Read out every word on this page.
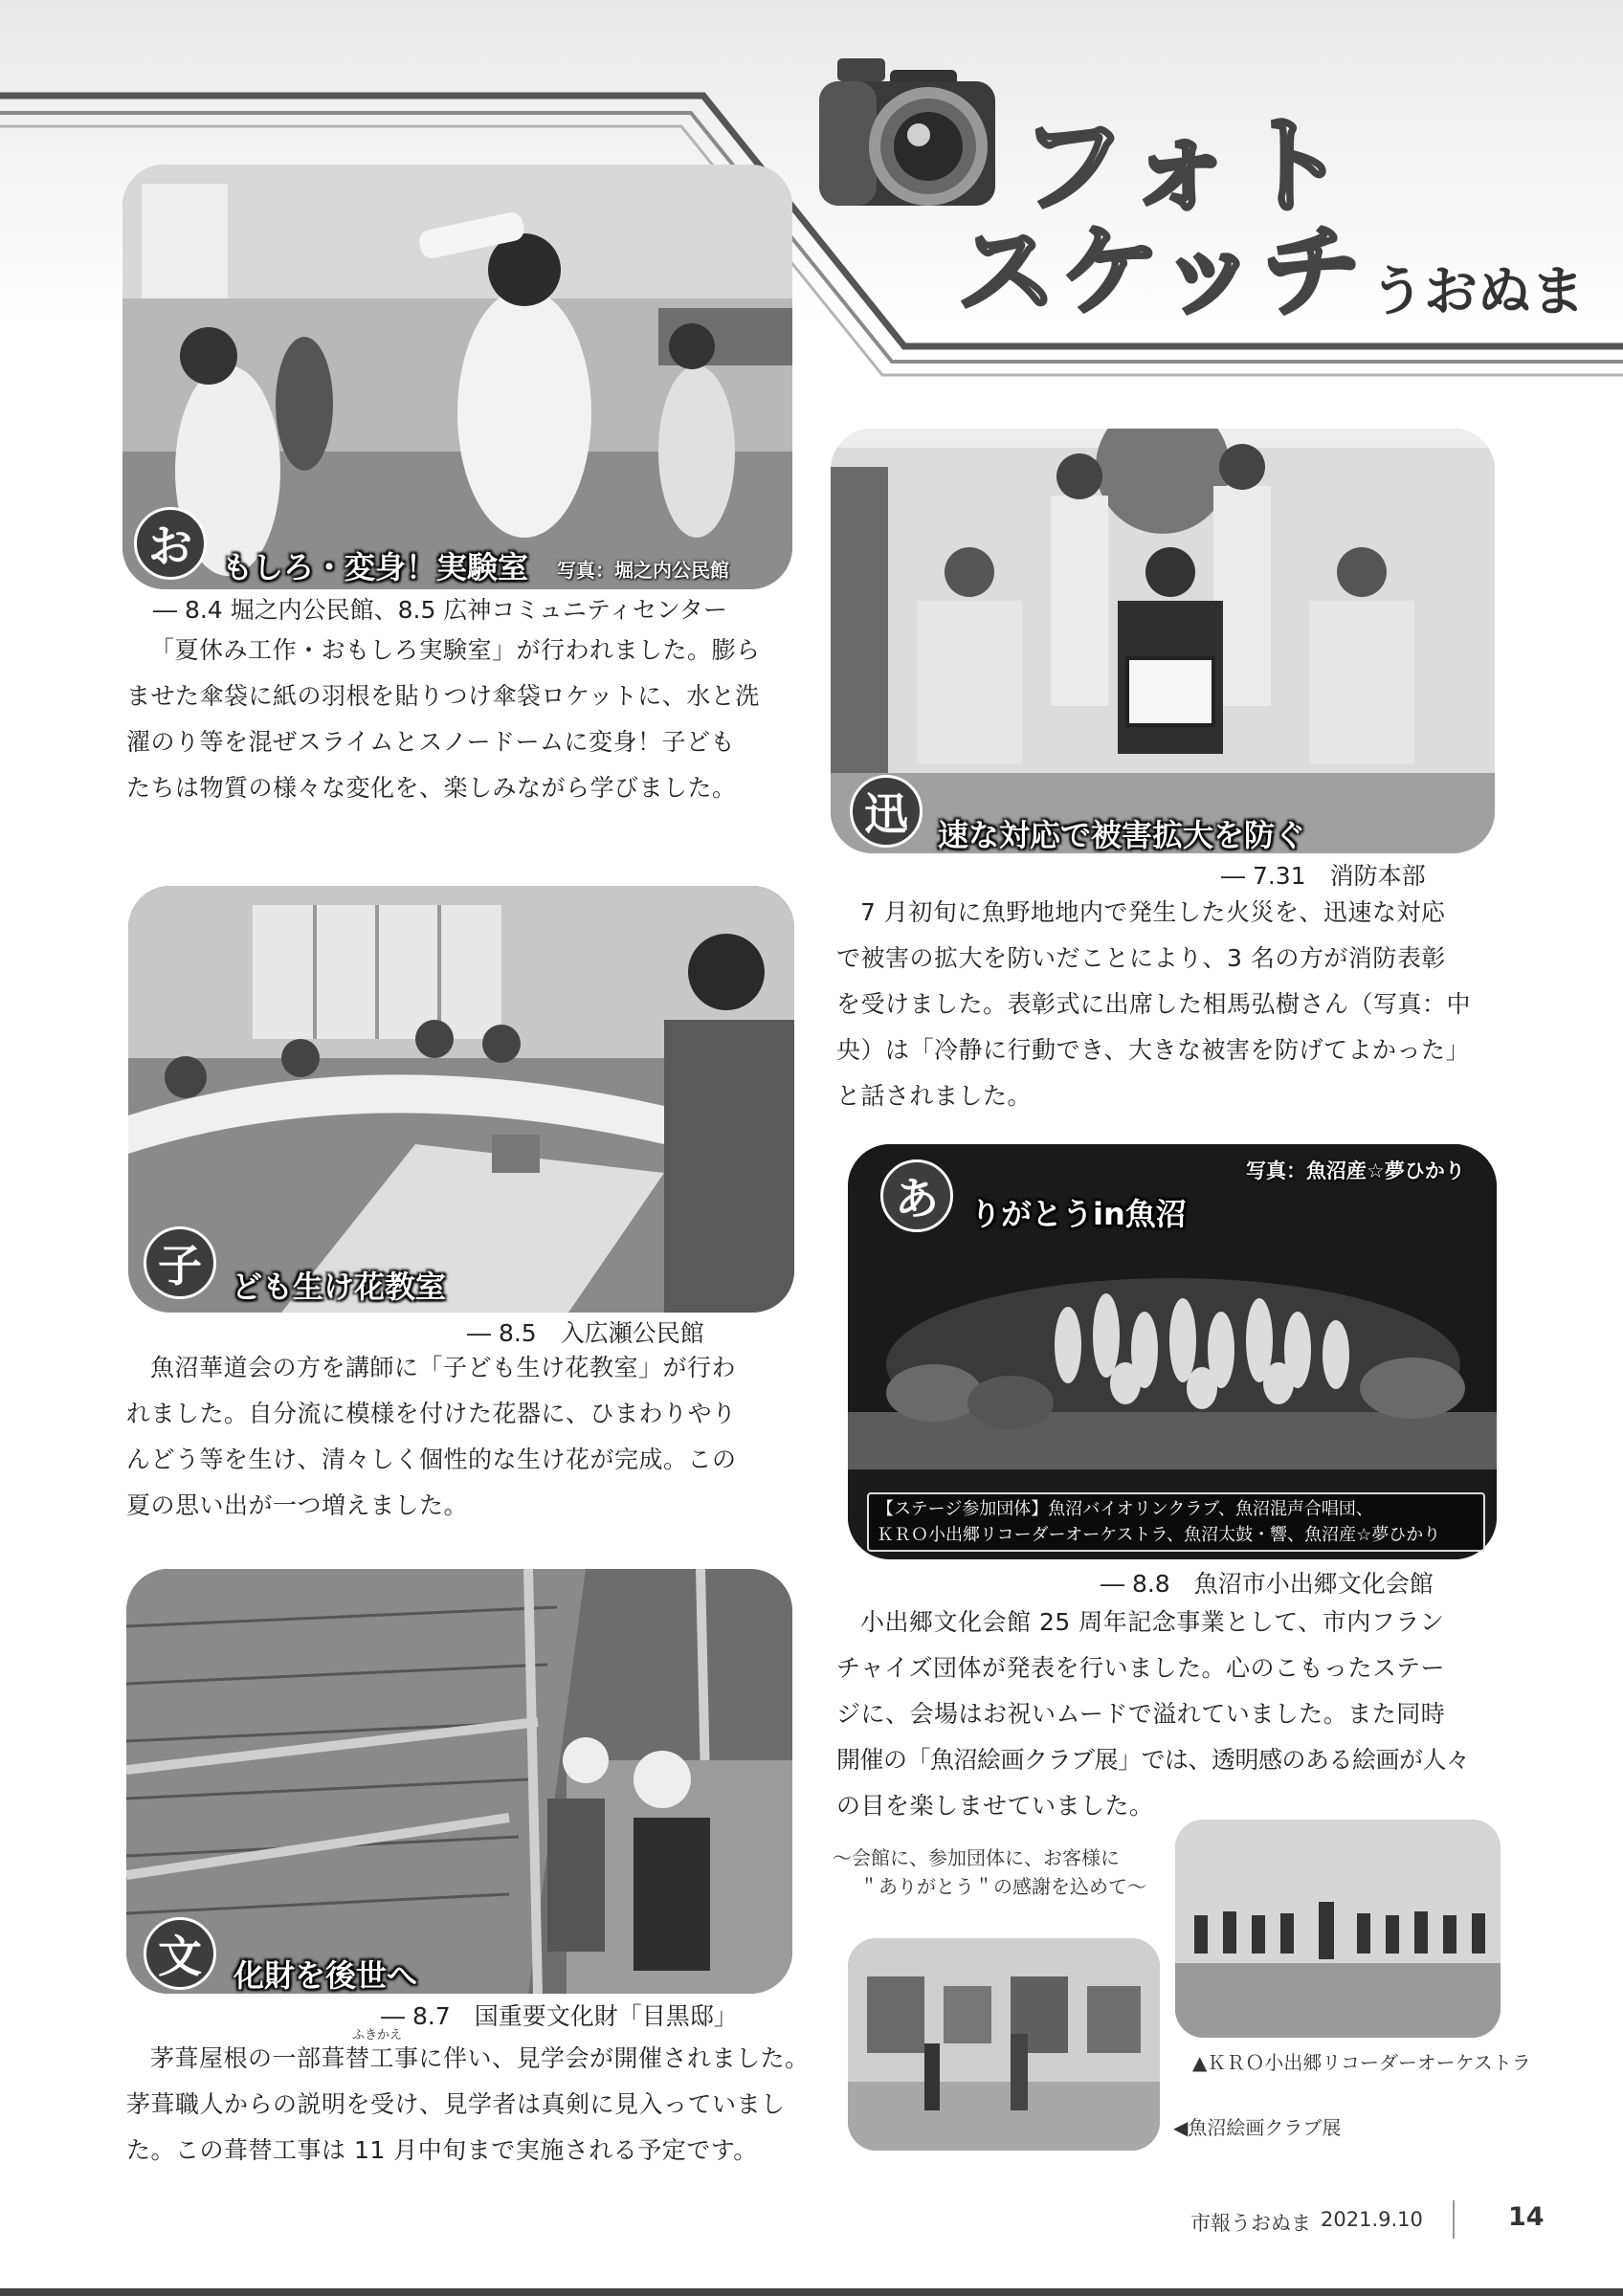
フォト
スケッチ うおぬま
お もしろ・変身！実験室 写真：堀之内公民館
― 8.4 堀之内公民館、8.5 広神コミュニティセンター
「夏休み工作・おもしろ実験室」が行われました。膨ら
ませた傘袋に紙の羽根を貼りつけ傘袋ロケットに、水と洗
濯のり等を混ぜスライムとスノードームに変身！子ども
たちは物質の様々な変化を、楽しみながら学びました。
迅 速な対応で被害拡大を防ぐ
― 7.31　消防本部
7 月初旬に魚野地地内で発生した火災を、迅速な対応
で被害の拡大を防いだことにより、3 名の方が消防表彰
を受けました。表彰式に出席した相馬弘樹さん（写真：中
央）は「冷静に行動でき、大きな被害を防げてよかった」
と話されました。
子 ども生け花教室
― 8.5　入広瀬公民館
魚沼華道会の方を講師に「子ども生け花教室」が行わ
れました。自分流に模様を付けた花器に、ひまわりやり
んどう等を生け、清々しく個性的な生け花が完成。この
夏の思い出が一つ増えました。
あ	りがとうin魚沼
写真：魚沼産☆夢ひかり
【ステージ参加団体】魚沼バイオリンクラブ、魚沼混声合唱団、
ＫＲＯ小出郷リコーダーオーケストラ、魚沼太鼓・響、魚沼産☆夢ひかり
― 8.8　魚沼市小出郷文化会館
小出郷文化会館 25 周年記念事業として、市内フラン
チャイズ団体が発表を行いました。心のこもったステー
ジに、会場はお祝いムードで溢れていました。また同時
開催の「魚沼絵画クラブ展」では、透明感のある絵画が人々
の目を楽しませていました。
～会館に、参加団体に、お客様に
＂ありがとう＂の感謝を込めて～
▲ＫＲＯ小出郷リコーダーオーケストラ
◀魚沼絵画クラブ展
文	化財を後世へ
― 8.7　国重要文化財「目黒邸」
ふきかえ
茅葺屋根の一部葺替工事に伴い、見学会が開催されました。
茅葺職人からの説明を受け、見学者は真剣に見入っていまし
た。この葺替工事は 11 月中旬まで実施される予定です。
市報うおぬま 2021.9.10	14
